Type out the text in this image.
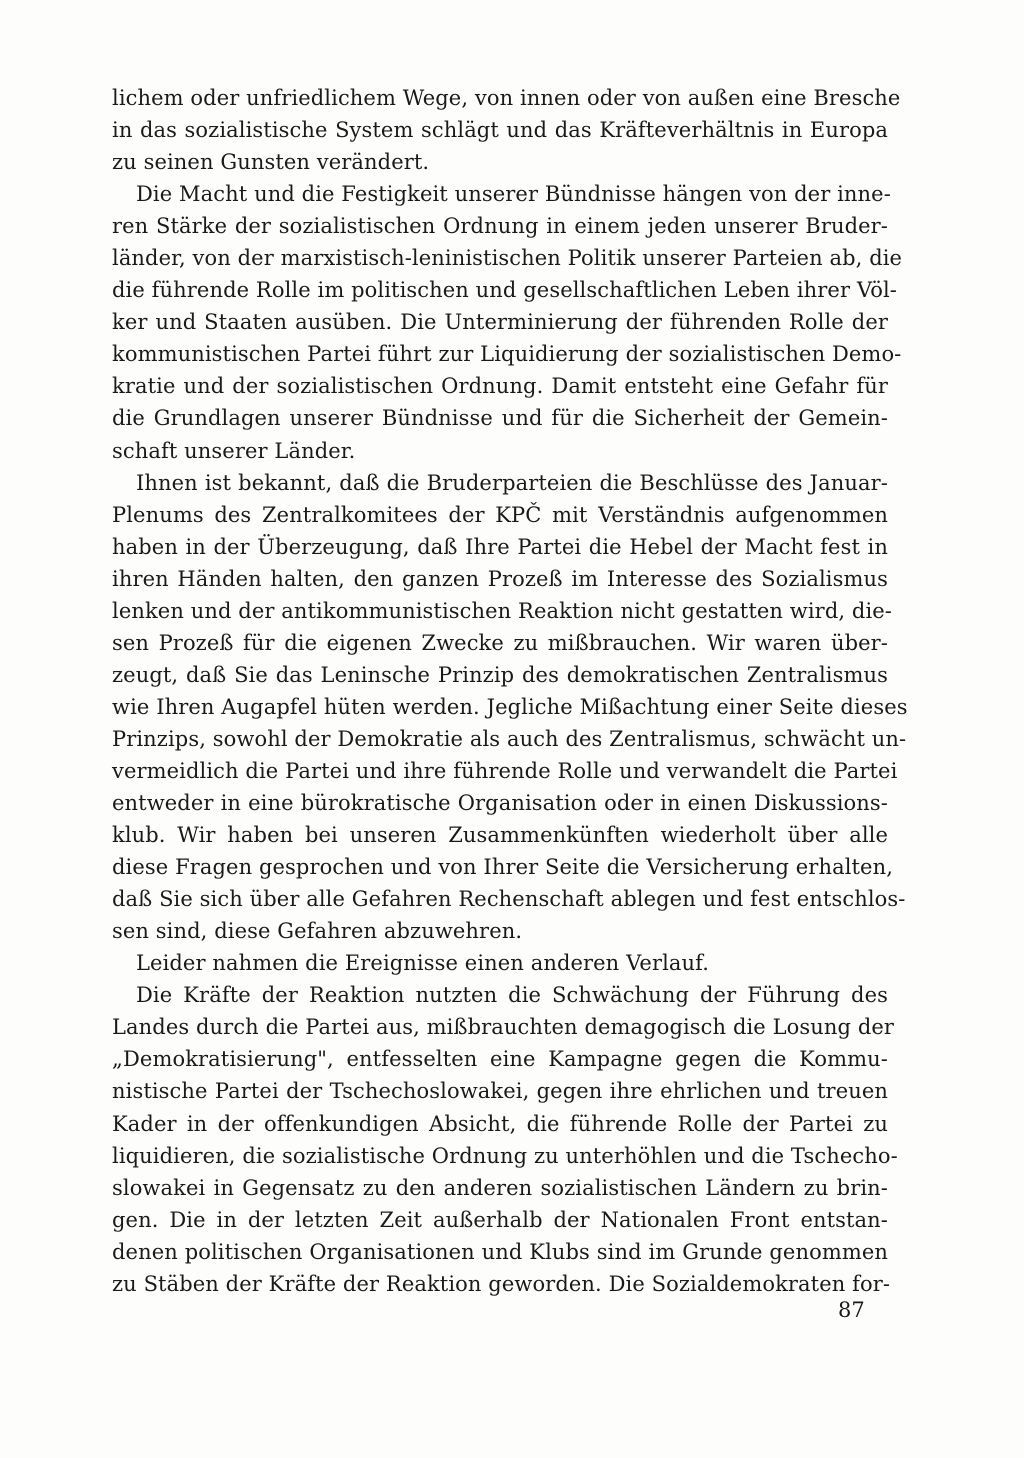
lichem oder unfriedlichem Wege, von innen oder von außen eine Bresche
in das sozialistische System schlägt und das Kräfteverhältnis in Europa
zu seinen Gunsten verändert.
Die Macht und die Festigkeit unserer Bündnisse hängen von der inne-
ren Stärke der sozialistischen Ordnung in einem jeden unserer Bruder-
länder, von der marxistisch-leninistischen Politik unserer Parteien ab, die
die führende Rolle im politischen und gesellschaftlichen Leben ihrer Völ-
ker und Staaten ausüben. Die Unterminierung der führenden Rolle der
kommunistischen Partei führt zur Liquidierung der sozialistischen Demo-
kratie und der sozialistischen Ordnung. Damit entsteht eine Gefahr für
die Grundlagen unserer Bündnisse und für die Sicherheit der Gemein-
schaft unserer Länder.
Ihnen ist bekannt, daß die Bruderparteien die Beschlüsse des Januar-
Plenums des Zentralkomitees der KPČ mit Verständnis aufgenommen
haben in der Überzeugung, daß Ihre Partei die Hebel der Macht fest in
ihren Händen halten, den ganzen Prozeß im Interesse des Sozialismus
lenken und der antikommunistischen Reaktion nicht gestatten wird, die-
sen Prozeß für die eigenen Zwecke zu mißbrauchen. Wir waren über-
zeugt, daß Sie das Leninsche Prinzip des demokratischen Zentralismus
wie Ihren Augapfel hüten werden. Jegliche Mißachtung einer Seite dieses
Prinzips, sowohl der Demokratie als auch des Zentralismus, schwächt un-
vermeidlich die Partei und ihre führende Rolle und verwandelt die Partei
entweder in eine bürokratische Organisation oder in einen Diskussions-
klub. Wir haben bei unseren Zusammenkünften wiederholt über alle
diese Fragen gesprochen und von Ihrer Seite die Versicherung erhalten,
daß Sie sich über alle Gefahren Rechenschaft ablegen und fest entschlos-
sen sind, diese Gefahren abzuwehren.
Leider nahmen die Ereignisse einen anderen Verlauf.
Die Kräfte der Reaktion nutzten die Schwächung der Führung des
Landes durch die Partei aus, mißbrauchten demagogisch die Losung der
„Demokratisierung", entfesselten eine Kampagne gegen die Kommu-
nistische Partei der Tschechoslowakei, gegen ihre ehrlichen und treuen
Kader in der offenkundigen Absicht, die führende Rolle der Partei zu
liquidieren, die sozialistische Ordnung zu unterhöhlen und die Tschecho-
slowakei in Gegensatz zu den anderen sozialistischen Ländern zu brin-
gen. Die in der letzten Zeit außerhalb der Nationalen Front entstan-
denen politischen Organisationen und Klubs sind im Grunde genommen
zu Stäben der Kräfte der Reaktion geworden. Die Sozialdemokraten for-
87
